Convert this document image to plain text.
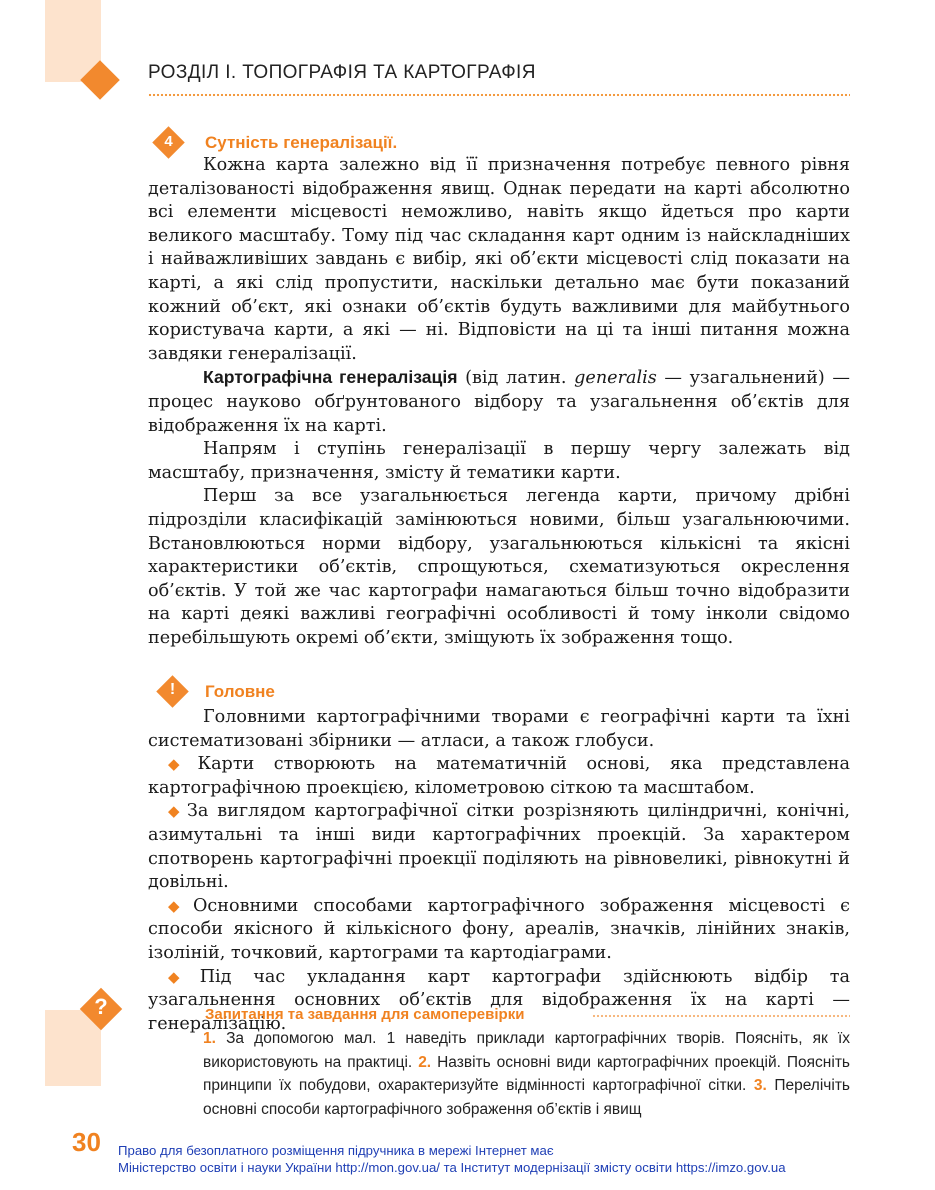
РОЗДІЛ І. ТОПОГРАФІЯ ТА КАРТОГРАФІЯ
4	Сутність генералізації.

Кожна карта залежно від її призначення потребує певного рівня деталізованості відображення явищ. Однак передати на карті абсолютно всі елементи місцевості неможливо, навіть якщо йдеться про карти великого масштабу. Тому під час складання карт одним із найскладніших і найважливіших завдань є вибір, які об’єкти місцевості слід показати на карті, а які слід пропустити, наскільки детально має бути показаний кожний об’єкт, які ознаки об’єктів будуть важливими для майбутнього користувача карти, а які — ні. Відповісти на ці та інші питання можна завдяки генералізації.

Картографічна генералізація (від латин. generalis — узагальнений) — процес науково обґрунтованого відбору та узагальнення об’єктів для відображення їх на карті.

Напрям і ступінь генералізації в першу чергу залежать від масштабу, призначення, змісту й тематики карти.

Перш за все узагальнюється легенда карти, причому дрібні підрозділи класифікацій замінюються новими, більш узагальнюючими. Встановлюються норми відбору, узагальнюються кількісні та якісні характеристики об’єктів, спрощуються, схематизуються окреслення об’єктів. У той же час картографи намагаються більш точно відобразити на карті деякі важливі географічні особливості й тому інколи свідомо перебільшують окремі об’єкти, зміщують їх зображення тощо.

!	Головне

Головними картографічними творами є географічні карти та їхні систематизовані збірники — атласи, а також глобуси.

◆ Карти створюють на математичній основі, яка представлена картографічною проекцією, кілометровою сіткою та масштабом.

◆ За виглядом картографічної сітки розрізняють циліндричні, конічні, азимутальні та інші види картографічних проекцій. За характером спотворень картографічні проекції поділяють на рівновеликі, рівнокутні й довільні.

◆ Основними способами картографічного зображення місцевості є способи якісного й кількісного фону, ареалів, значків, лінійних знаків, ізоліній, точковий, картограми та картодіаграми.

◆ Під час укладання карт картографи здійснюють відбір та узагальнення основних об’єктів для відображення їх на карті — генералізацію.

?	Запитання та завдання для самоперевірки
1. За допомогою мал. 1 наведіть приклади картографічних творів. Поясніть, як їх використовують на практиці. 2. Назвіть основні види картографічних проекцій. Поясніть принципи їх побудови, охарактеризуйте відмінності картографічної сітки. 3. Перелічіть основні способи картографічного зображення об’єктів і явищ
30 Право для безоплатного розміщення підручника в мережі Інтернет має
Міністерство освіти і науки України http://mon.gov.ua/ та Інститут модернізації змісту освіти https://imzo.gov.ua
